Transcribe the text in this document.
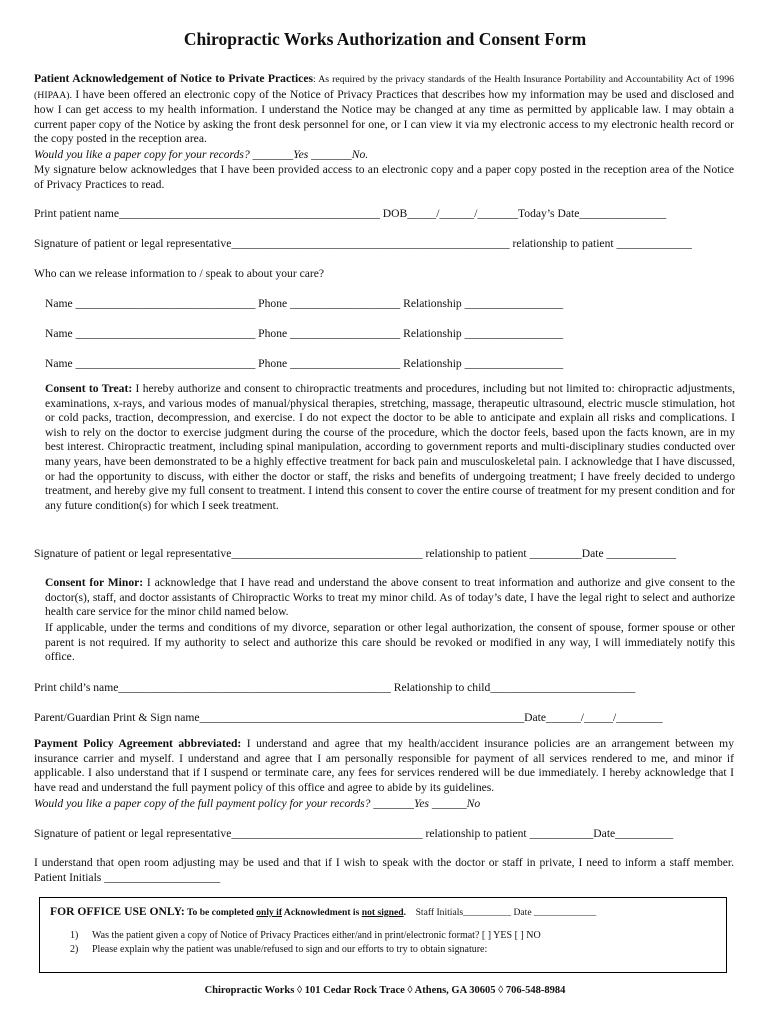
Chiropractic Works Authorization and Consent Form
Patient Acknowledgement of Notice to Private Practices: As required by the privacy standards of the Health Insurance Portability and Accountability Act of 1996 (HIPAA). I have been offered an electronic copy of the Notice of Privacy Practices that describes how my information may be used and disclosed and how I can get access to my health information. I understand the Notice may be changed at any time as permitted by applicable law. I may obtain a current paper copy of the Notice by asking the front desk personnel for one, or I can view it via my electronic access to my electronic health record or the copy posted in the reception area.
Would you like a paper copy for your records? _______Yes _______No.
My signature below acknowledges that I have been provided access to an electronic copy and a paper copy posted in the reception area of the Notice of Privacy Practices to read.
Print patient name_____________________________________________ DOB_____/______/_______Today’s Date_______________
Signature of patient or legal representative________________________________________________ relationship to patient _____________
Who can we release information to / speak to about your care?
Name _______________________________ Phone ___________________ Relationship _________________
Name _______________________________ Phone ___________________ Relationship _________________
Name _______________________________ Phone ___________________ Relationship _________________
Consent to Treat: I hereby authorize and consent to chiropractic treatments and procedures, including but not limited to: chiropractic adjustments, examinations, x-rays, and various modes of manual/physical therapies, stretching, massage, therapeutic ultrasound, electric muscle stimulation, hot or cold packs, traction, decompression, and exercise. I do not expect the doctor to be able to anticipate and explain all risks and complications. I wish to rely on the doctor to exercise judgment during the course of the procedure, which the doctor feels, based upon the facts known, are in my best interest. Chiropractic treatment, including spinal manipulation, according to government reports and multi-disciplinary studies conducted over many years, have been demonstrated to be a highly effective treatment for back pain and musculoskeletal pain. I acknowledge that I have discussed, or had the opportunity to discuss, with either the doctor or staff, the risks and benefits of undergoing treatment; I have freely decided to undergo treatment, and hereby give my full consent to treatment. I intend this consent to cover the entire course of treatment for my present condition and for any future condition(s) for which I seek treatment.
Signature of patient or legal representative_________________________________ relationship to patient _________Date ____________
Consent for Minor: I acknowledge that I have read and understand the above consent to treat information and authorize and give consent to the doctor(s), staff, and doctor assistants of Chiropractic Works to treat my minor child. As of today’s date, I have the legal right to select and authorize health care service for the minor child named below.
If applicable, under the terms and conditions of my divorce, separation or other legal authorization, the consent of spouse, former spouse or other parent is not required. If my authority to select and authorize this care should be revoked or modified in any way, I will immediately notify this office.
Print child’s name_______________________________________________ Relationship to child_________________________
Parent/Guardian Print & Sign name________________________________________________________Date______/_____/________
Payment Policy Agreement abbreviated: I understand and agree that my health/accident insurance policies are an arrangement between my insurance carrier and myself. I understand and agree that I am personally responsible for payment of all services rendered to me, and minor if applicable. I also understand that if I suspend or terminate care, any fees for services rendered will be due immediately. I hereby acknowledge that I have read and understand the full payment policy of this office and agree to abide by its guidelines.
Would you like a paper copy of the full payment policy for your records? _______Yes ______No
Signature of patient or legal representative_________________________________ relationship to patient ___________Date__________
I understand that open room adjusting may be used and that if I wish to speak with the doctor or staff in private, I need to inform a staff member. Patient Initials ____________________
FOR OFFICE USE ONLY: To be completed only if Acknowledment is not signed.    Staff Initials__________ Date _____________
1) Was the patient given a copy of Notice of Privacy Practices either/and in print/electronic format? [ ] YES [ ] NO
2) Please explain why the patient was unable/refused to sign and our efforts to try to obtain signature:
Chiropractic Works ◊ 101 Cedar Rock Trace ◊ Athens, GA 30605 ◊ 706-548-8984
